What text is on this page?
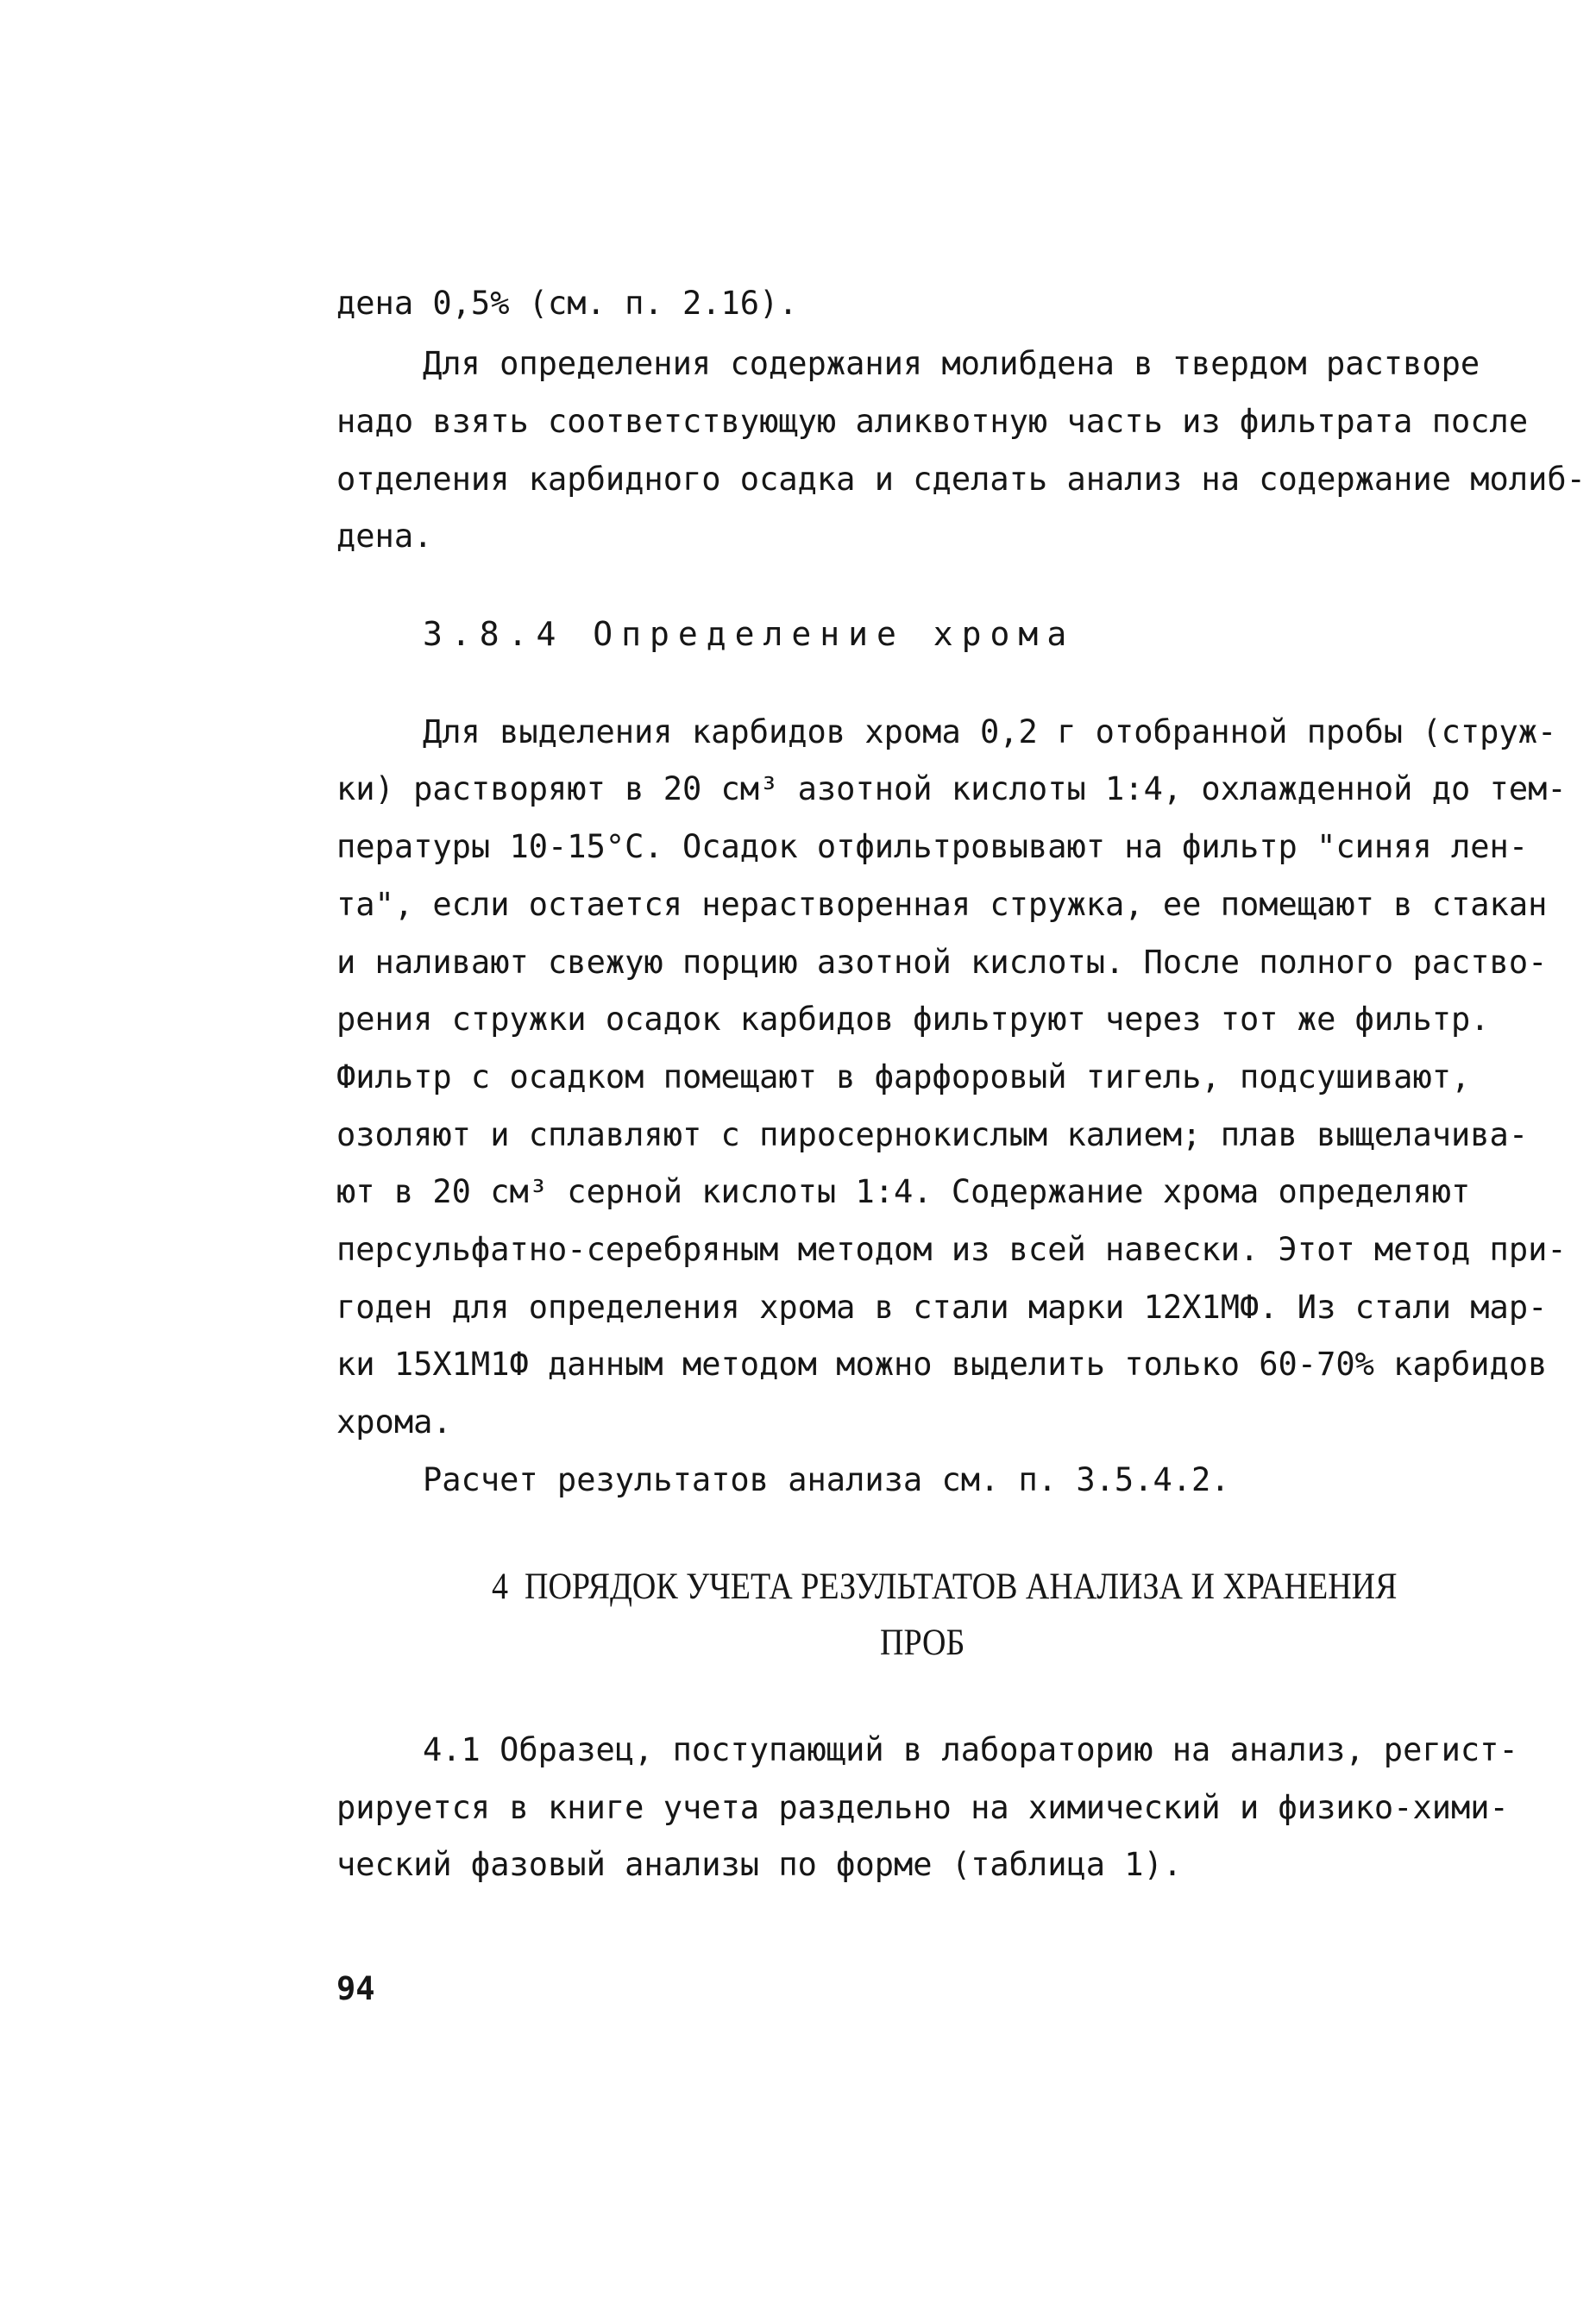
дена 0,5% (см. п. 2.16).
Для определения содержания молибдена в твердом растворе
надо взять соответствующую аликвотную часть из фильтрата после
отделения карбидного осадка и сделать анализ на содержание молиб-
дена.
3.8.4 Определение хрома
Для выделения карбидов хрома 0,2 г отобранной пробы (струж-
ки) растворяют в 20 см³ азотной кислоты 1:4, охлажденной до тем-
пературы 10-15°С. Осадок отфильтровывают на фильтр "синяя лен-
та", если остается нерастворенная стружка, ее помещают в стакан
и наливают свежую порцию азотной кислоты. После полного раство-
рения стружки осадок карбидов фильтруют через тот же фильтр.
Фильтр с осадком помещают в фарфоровый тигель, подсушивают,
озоляют и сплавляют с пиросернокислым калием; плав выщелачива-
ют в 20 см³ серной кислоты 1:4. Содержание хрома определяют
персульфатно-серебряным методом из всей навески. Этот метод при-
годен для определения хрома в стали марки 12Х1МФ. Из стали мар-
ки 15Х1М1Ф данным методом можно выделить только 60-70% карбидов
хрома.
Расчет результатов анализа см. п. 3.5.4.2.
4  ПОРЯДОК УЧЕТА РЕЗУЛЬТАТОВ АНАЛИЗА И ХРАНЕНИЯ
ПРОБ
4.1 Образец, поступающий в лабораторию на анализ, регист-
рируется в книге учета раздельно на химический и физико-хими-
ческий фазовый анализы по форме (таблица 1).
94
